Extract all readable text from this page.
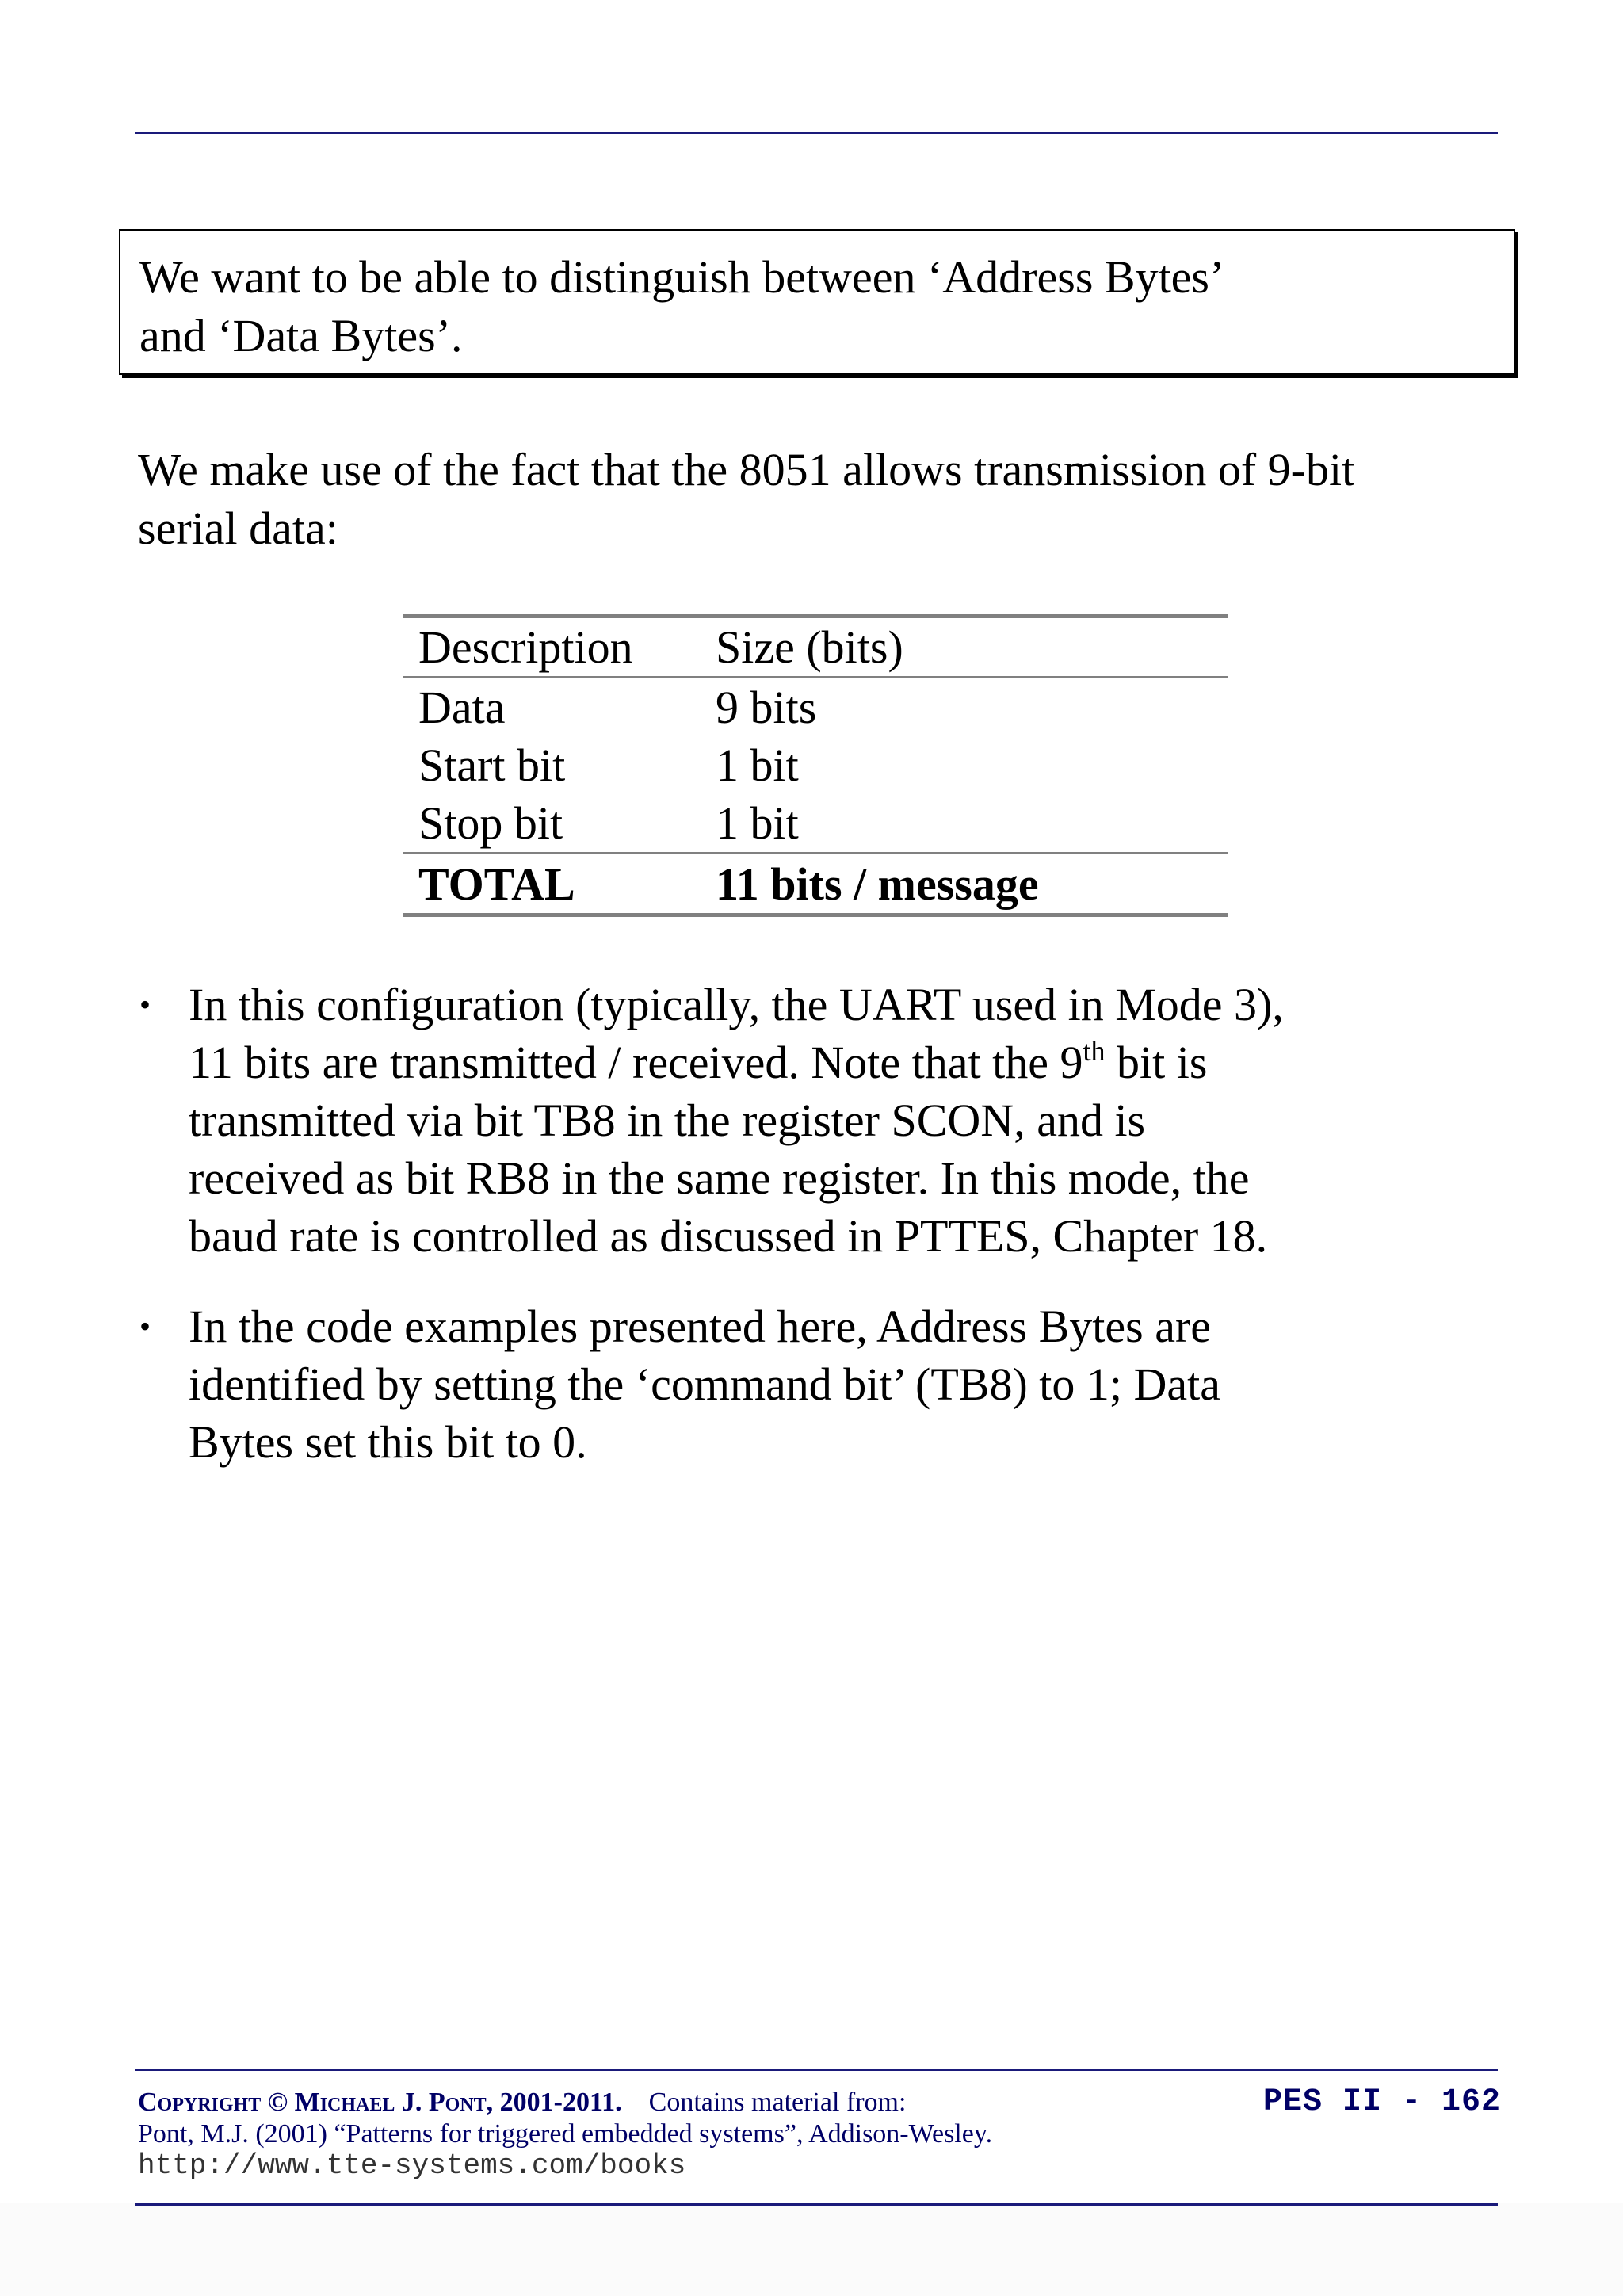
We want to be able to distinguish between ‘Address Bytes’
and ‘Data Bytes’.
We make use of the fact that the 8051 allows transmission of 9-bit
serial data:
Description	Size (bits)
Data	9 bits
Start bit	1 bit
Stop bit	1 bit
TOTAL	11 bits / message
• In this configuration (typically, the UART used in Mode 3),
11 bits are transmitted / received. Note that the 9th bit is
transmitted via bit TB8 in the register SCON, and is
received as bit RB8 in the same register. In this mode, the
baud rate is controlled as discussed in PTTES, Chapter 18.
• In the code examples presented here, Address Bytes are
identified by setting the ‘command bit’ (TB8) to 1; Data
Bytes set this bit to 0.
Copyright © Michael J. Pont, 2001-2011. Contains material from:
Pont, M.J. (2001) “Patterns for triggered embedded systems”, Addison-Wesley.
http://www.tte-systems.com/books
PES II - 162
